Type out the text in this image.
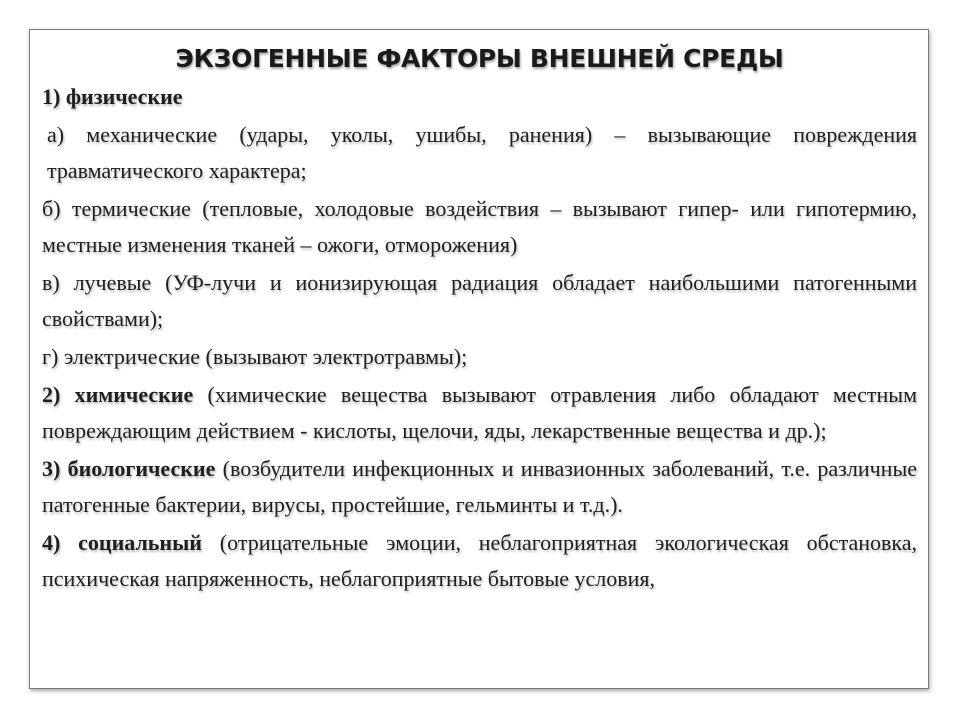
ЭКЗОГЕННЫЕ ФАКТОРЫ ВНЕШНЕЙ СРЕДЫ

1) физические

а) механические (удары, уколы, ушибы, ранения) – вызывающие повреждения травматического характера;

б) термические (тепловые, холодовые воздействия – вызывают гипер- или гипотермию, местные изменения тканей – ожоги, отморожения)

в) лучевые (УФ-лучи и ионизирующая радиация обладает наибольшими патогенными свойствами);

г) электрические (вызывают электротравмы);

2) химические (химические вещества вызывают отравления либо обладают местным повреждающим действием - кислоты, щелочи, яды, лекарственные вещества и др.);

3) биологические (возбудители инфекционных и инвазионных заболеваний, т.е. различные патогенные бактерии, вирусы, простейшие, гельминты и т.д.).

4) социальный (отрицательные эмоции, неблагоприятная экологическая обстановка, психическая напряженность, неблагоприятные бытовые условия,
